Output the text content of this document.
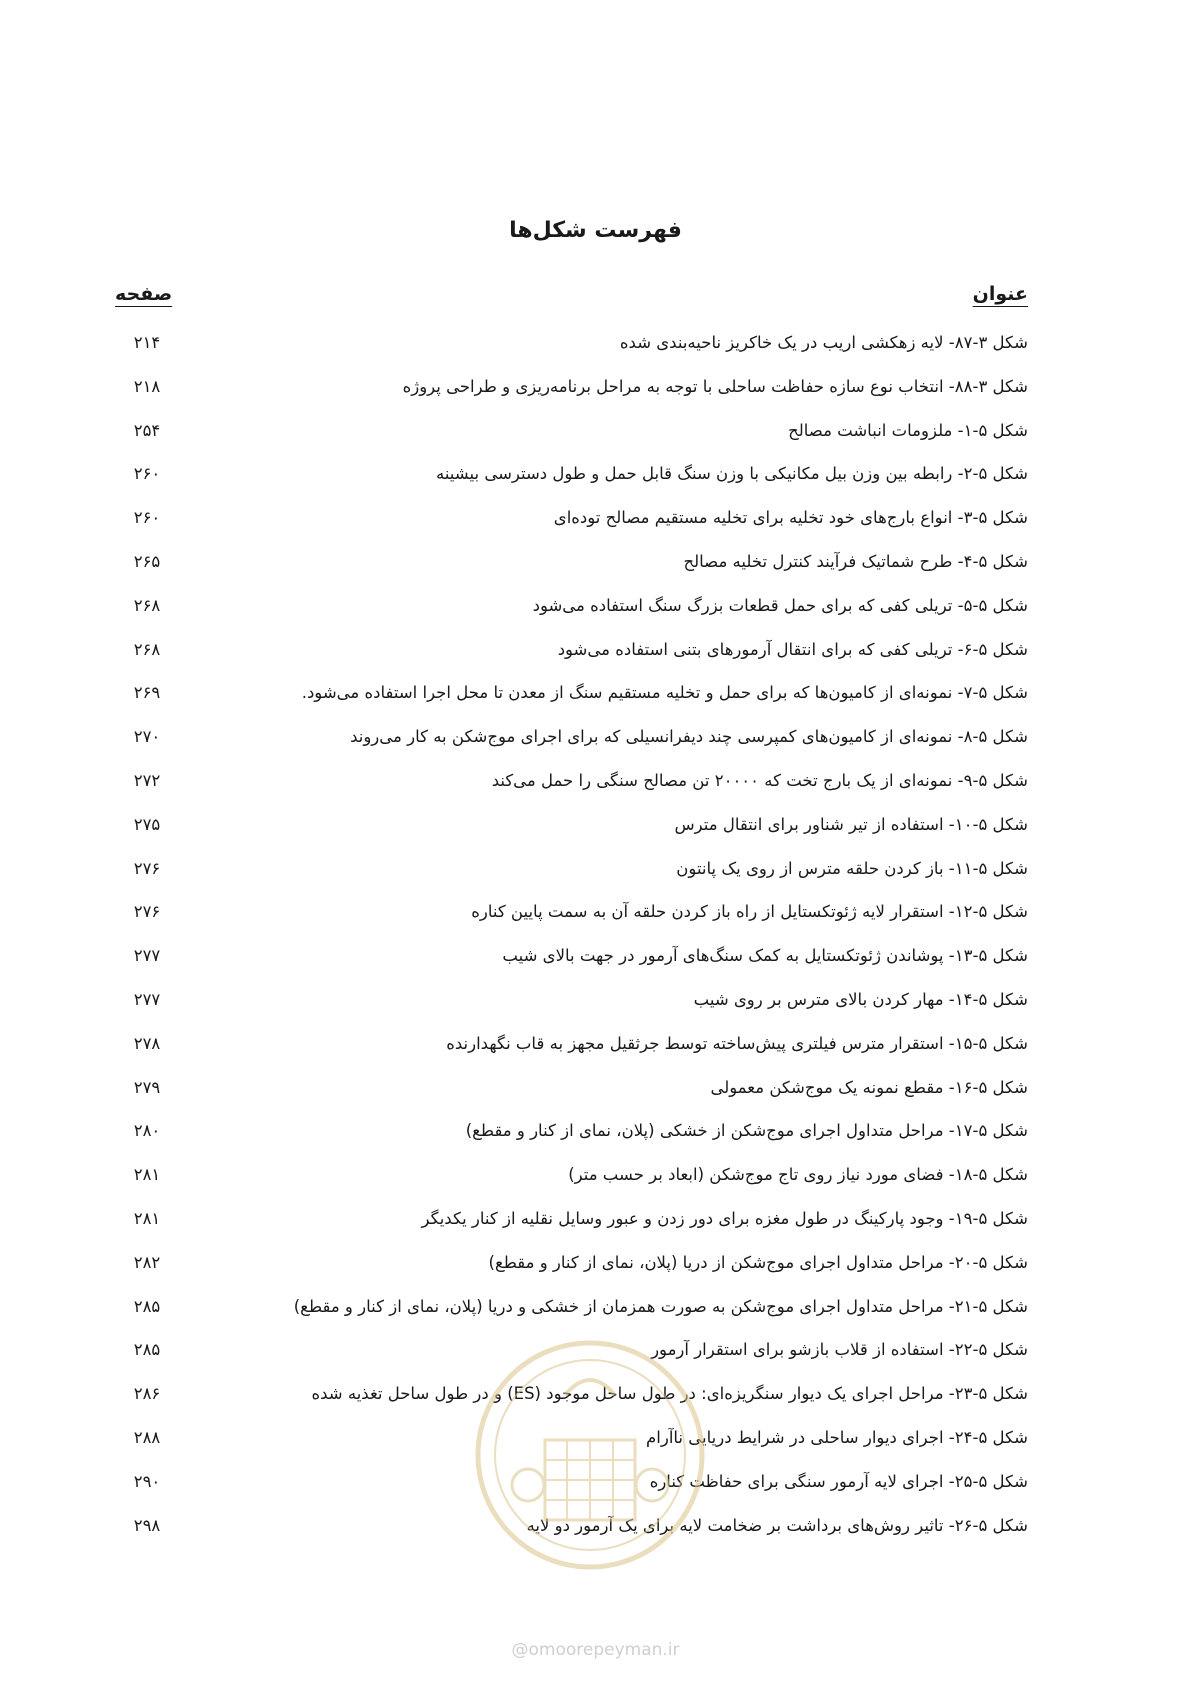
فهرست شکل‌ها
عنوان
صفحه
شکل ۳-۸۷- لایه زهکشی اریب در یک خاکریز ناحیه‌بندی شده
۲۱۴
شکل ۳-۸۸- انتخاب نوع سازه حفاظت ساحلی با توجه به مراحل برنامه‌ریزی و طراحی پروژه
۲۱۸
شکل ۵-۱- ملزومات انباشت مصالح
۲۵۴
شکل ۵-۲- رابطه بین وزن بیل مکانیکی با وزن سنگ قابل حمل و طول دسترسی بیشینه
۲۶۰
شکل ۵-۳- انواع بارج‌های خود تخلیه برای تخلیه مستقیم مصالح توده‌ای
۲۶۰
شکل ۵-۴- طرح شماتیک فرآیند کنترل تخلیه مصالح
۲۶۵
شکل ۵-۵- تریلی کفی که برای حمل قطعات بزرگ سنگ استفاده می‌شود
۲۶۸
شکل ۵-۶- تریلی کفی که برای انتقال آرمورهای بتنی استفاده می‌شود
۲۶۸
شکل ۵-۷- نمونه‌ای از کامیون‌ها که برای حمل و تخلیه مستقیم سنگ از معدن تا محل اجرا استفاده می‌شود.
۲۶۹
شکل ۵-۸- نمونه‌ای از کامیون‌های کمپرسی چند دیفرانسیلی که برای اجرای موج‌شکن به کار می‌روند
۲۷۰
شکل ۵-۹- نمونه‌ای از یک بارج تخت که ۲۰۰۰۰ تن مصالح سنگی را حمل می‌کند
۲۷۲
شکل ۵-۱۰- استفاده از تیر شناور برای انتقال مترس
۲۷۵
شکل ۵-۱۱- باز کردن حلقه مترس از روی یک پانتون
۲۷۶
شکل ۵-۱۲- استقرار لایه ژئوتکستایل از راه باز کردن حلقه آن به سمت پایین کناره
۲۷۶
شکل ۵-۱۳- پوشاندن ژئوتکستایل به کمک سنگ‌های آرمور در جهت بالای شیب
۲۷۷
شکل ۵-۱۴- مهار کردن بالای مترس بر روی شیب
۲۷۷
شکل ۵-۱۵- استقرار مترس فیلتری پیش‌ساخته توسط جرثقیل مجهز به قاب نگهدارنده
۲۷۸
شکل ۵-۱۶- مقطع نمونه یک موج‌شکن معمولی
۲۷۹
شکل ۵-۱۷- مراحل متداول اجرای موج‌شکن از خشکی (پلان، نمای از کنار و مقطع)
۲۸۰
شکل ۵-۱۸- فضای مورد نیاز روی تاج موج‌شکن (ابعاد بر حسب متر)
۲۸۱
شکل ۵-۱۹- وجود پارکینگ در طول مغزه برای دور زدن و عبور وسایل نقلیه از کنار یکدیگر
۲۸۱
شکل ۵-۲۰- مراحل متداول اجرای موج‌شکن از دریا (پلان، نمای از کنار و مقطع)
۲۸۲
شکل ۵-۲۱- مراحل متداول اجرای موج‌شکن به صورت همزمان از خشکی و دریا (پلان، نمای از کنار و مقطع)
۲۸۵
شکل ۵-۲۲- استفاده از قلاب بازشو برای استقرار آرمور
۲۸۵
شکل ۵-۲۳- مراحل اجرای یک دیوار سنگریزه‌ای: در طول ساحل موجود (ES) و در طول ساحل تغذیه شده
۲۸۶
شکل ۵-۲۴- اجرای دیوار ساحلی در شرایط دریایی ناآرام
۲۸۸
شکل ۵-۲۵- اجرای لایه آرمور سنگی برای حفاظت کناره
۲۹۰
شکل ۵-۲۶- تاثیر روش‌های برداشت بر ضخامت لایه برای یک آرمور دو لایه
۲۹۸
@omoorepeyman.ir
